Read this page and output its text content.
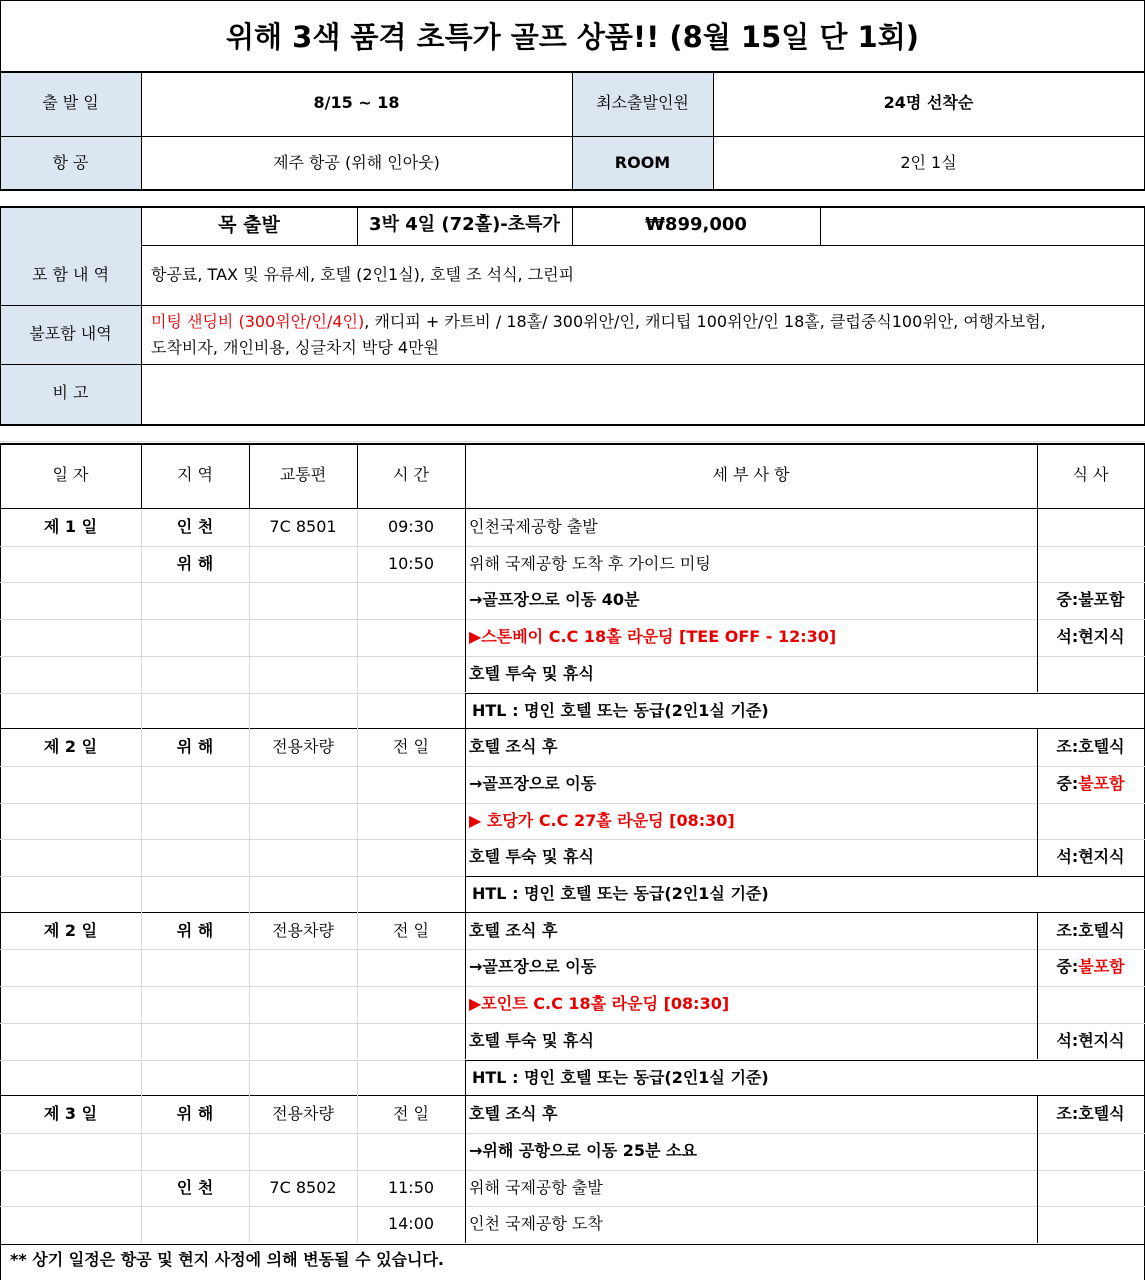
위해 3색 품격 초특가 골프 상품!! (8월 15일 단 1회)
출 발 일	8/15 ~ 18	최소출발인원	24명 선착순
항 공	제주 항공 (위해 인아웃)	ROOM	2인 1실
목 출발	3박 4일 (72홀)-초특가	₩899,000
포 함 내 역	항공료, TAX 및 유류세, 호텔 (2인1실), 호텔 조 석식, 그린피
불포함 내역
미팅 샌딩비 (300위안/인/4인), 캐디피 + 카트비 / 18홀/ 300위안/인, 캐디팁 100위안/인 18홀, 클럽중식100위안, 여행자보험,
도착비자, 개인비용, 싱글차지 박당 4만원
비 고
일 자	지 역	교통편	시 간	세 부 사 항	식 사
제 1 일	인 천	7C 8501	09:30	인천국제공항 출발
위 해	10:50	위해 국제공항 도착 후 가이드 미팅
→골프장으로 이동 40분	중:불포함
▶스톤베이 C.C 18홀 라운딩 [TEE OFF - 12:30]	석:현지식
호텔 투숙 및 휴식
HTL : 명인 호텔 또는 동급(2인1실 기준)
제 2 일	위 해	전용차량	전 일	호텔 조식 후	조:호텔식
→골프장으로 이동	중:불포함
▶ 호당가 C.C 27홀 라운딩 [08:30]
호텔 투숙 및 휴식	석:현지식
HTL : 명인 호텔 또는 동급(2인1실 기준)
제 2 일	위 해	전용차량	전 일	호텔 조식 후	조:호텔식
→골프장으로 이동	중:불포함
▶포인트 C.C 18홀 라운딩 [08:30]
호텔 투숙 및 휴식	석:현지식
HTL : 명인 호텔 또는 동급(2인1실 기준)
제 3 일	위 해	전용차량	전 일	호텔 조식 후	조:호텔식
→위해 공항으로 이동 25분 소요
인 천	7C 8502	11:50	위해 국제공항 출발
14:00	인천 국제공항 도착
** 상기 일정은 항공 및 현지 사정에 의해 변동될 수 있습니다.
